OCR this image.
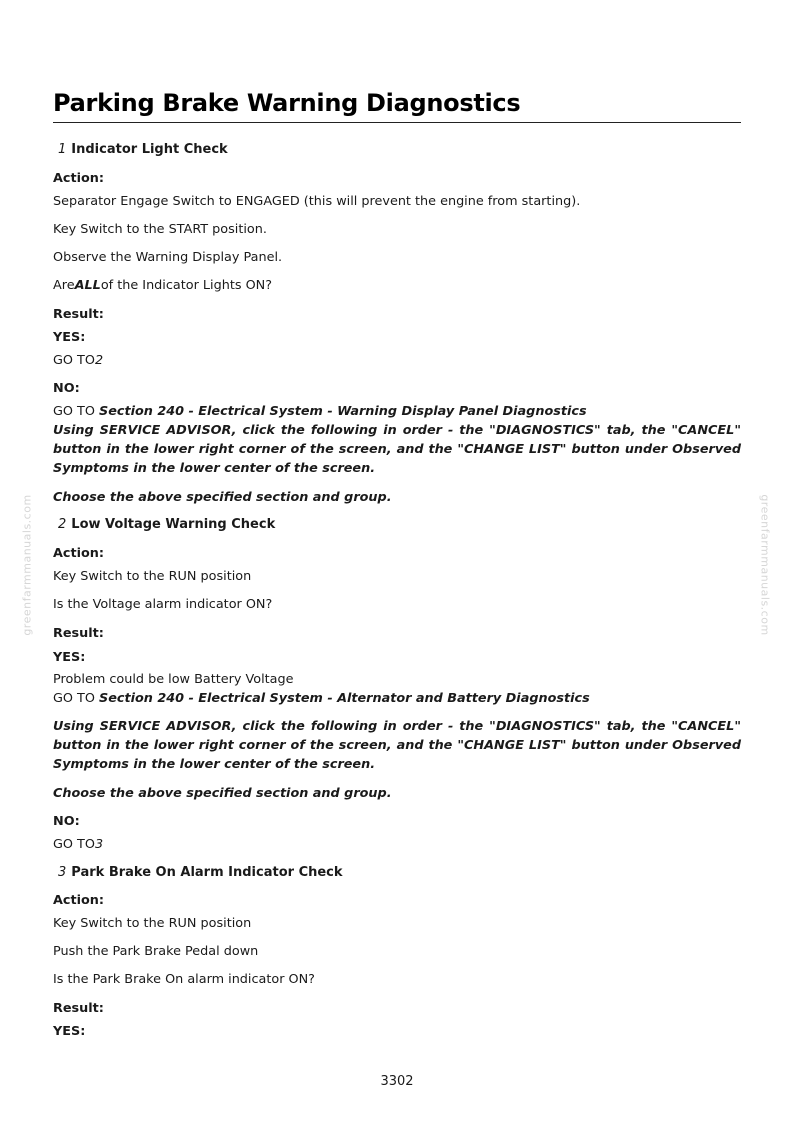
greenfarmmanuals.com	greenfarmmanuals.com
Parking Brake Warning Diagnostics
1 Indicator Light Check
Action:
Separator Engage Switch to ENGAGED (this will prevent the engine from starting).
Key Switch to the START position.
Observe the Warning Display Panel.
AreALLof the Indicator Lights ON?
Result:
YES:
GO TO2
NO:
GO TO Section 240 - Electrical System - Warning Display Panel Diagnostics
Using SERVICE ADVISOR, click the following in order - the "DIAGNOSTICS" tab, the "CANCEL" button in the lower right corner of the screen, and the "CHANGE LIST" button under Observed Symptoms in the lower center of the screen.
Choose the above specified section and group.
2 Low Voltage Warning Check
Action:
Key Switch to the RUN position
Is the Voltage alarm indicator ON?
Result:
YES:
Problem could be low Battery Voltage
GO TO Section 240 - Electrical System - Alternator and Battery Diagnostics
Using SERVICE ADVISOR, click the following in order - the "DIAGNOSTICS" tab, the "CANCEL" button in the lower right corner of the screen, and the "CHANGE LIST" button under Observed Symptoms in the lower center of the screen.
Choose the above specified section and group.
NO:
GO TO3
3 Park Brake On Alarm Indicator Check
Action:
Key Switch to the RUN position
Push the Park Brake Pedal down
Is the Park Brake On alarm indicator ON?
Result:
YES:
3302
